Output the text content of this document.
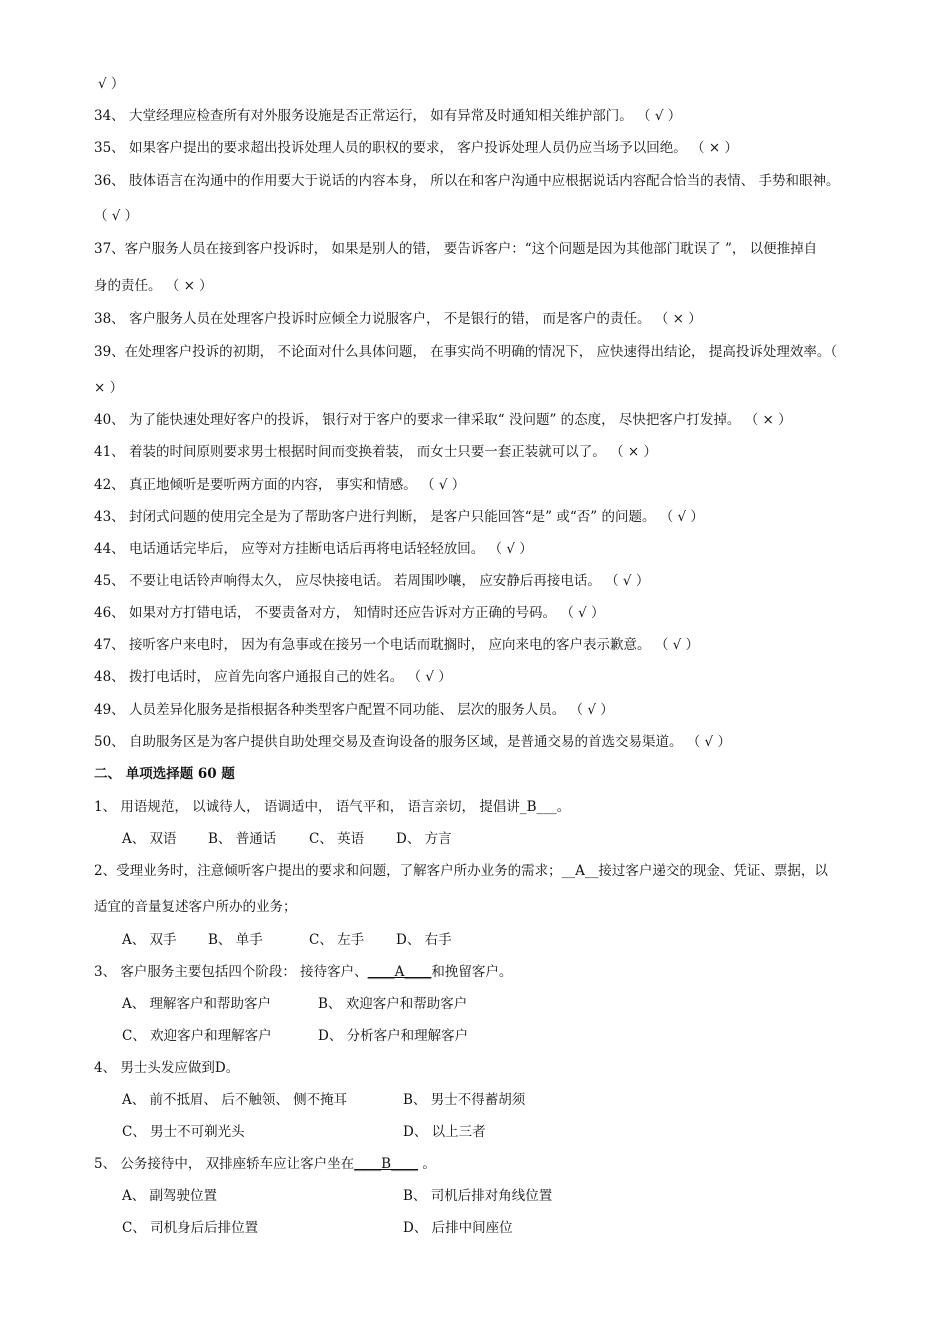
√ ）
34、 大堂经理应检查所有对外服务设施是否正常运行， 如有异常及时通知相关维护部门。 （ √ ）
35、 如果客户提出的要求超出投诉处理人员的职权的要求， 客户投诉处理人员仍应当场予以回绝。 （ × ）
36、 肢体语言在沟通中的作用要大于说话的内容本身， 所以在和客户沟通中应根据说话内容配合恰当的表情、 手势和眼神。
（ √ ）
37、客户服务人员在接到客户投诉时， 如果是别人的错， 要告诉客户：“这个问题是因为其他部门耽误了 ”， 以便推掉自
身的责任。 （ × ）
38、 客户服务人员在处理客户投诉时应倾全力说服客户， 不是银行的错， 而是客户的责任。 （ × ）
39、在处理客户投诉的初期， 不论面对什么具体问题， 在事实尚不明确的情况下， 应快速得出结论， 提高投诉处理效率。（
× ）
40、 为了能快速处理好客户的投诉， 银行对于客户的要求一律采取“ 没问题” 的态度， 尽快把客户打发掉。 （ × ）
41、 着装的时间原则要求男士根据时间而变换着装， 而女士只要一套正装就可以了。 （ × ）
42、 真正地倾听是要听两方面的内容， 事实和情感。 （ √ ）
43、 封闭式问题的使用完全是为了帮助客户进行判断， 是客户只能回答“是” 或“否” 的问题。 （ √ ）
44、 电话通话完毕后， 应等对方挂断电话后再将电话轻轻放回。 （ √ ）
45、 不要让电话铃声响得太久， 应尽快接电话。 若周围吵嚷， 应安静后再接电话。 （ √ ）
46、 如果对方打错电话， 不要责备对方， 知情时还应告诉对方正确的号码。 （ √ ）
47、 接听客户来电时， 因为有急事或在接另一个电话而耽搁时， 应向来电的客户表示歉意。 （ √ ）
48、 拨打电话时， 应首先向客户通报自己的姓名。 （ √ ）
49、 人员差异化服务是指根据各种类型客户配置不同功能、 层次的服务人员。 （ √ ）
50、 自助服务区是为客户提供自助处理交易及查询设备的服务区域，是普通交易的首选交易渠道。 （ √ ）
二、 单项选择题 60 题
1、 用语规范， 以诚待人， 语调适中， 语气平和， 语言亲切， 提倡讲_B___。
A、 双语 B、 普通话 C、 英语 D、 方言
2、受理业务时，注意倾听客户提出的要求和问题，了解客户所办业务的需求；__A__接过客户递交的现金、凭证、票据，以
适宜的音量复述客户所办的业务；
A、 双手 B、 单手	C、 左手 D、 右手
3、 客户服务主要包括四个阶段： 接待客户、____A____和挽留客户。
A、 理解客户和帮助客户	B、 欢迎客户和帮助客户
C、 欢迎客户和理解客户	D、 分析客户和理解客户
4、 男士头发应做到D。
A、 前不抵眉、 后不触领、 侧不掩耳	B、 男士不得蓄胡须
C、 男士不可剃光头	D、 以上三者
5、 公务接待中， 双排座轿车应让客户坐在____B____ 。
A、 副驾驶位置	B、 司机后排对角线位置
C、 司机身后后排位置	D、 后排中间座位
